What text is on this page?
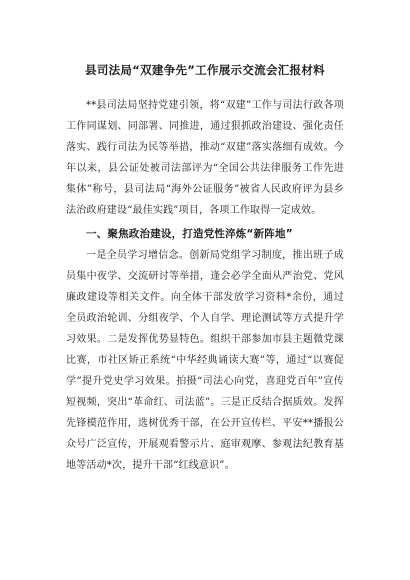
县司法局“双建争先”工作展示交流会汇报材料

**县司法局坚持党建引领，将“双建”工作与司法行政各项工作同谋划、同部署、同推进，通过狠抓政治建设、强化责任落实、践行司法为民等举措，推动“双建”落实落细有成效。今年以来，县公证处被司法部评为“全国公共法律服务工作先进集体”称号，县司法局“海外公证服务”被省人民政府评为县乡法治政府建设“最佳实践”项目，各项工作取得一定成效。

一、聚焦政治建设，打造党性淬炼“新阵地”

一是全员学习增信念。创新局党组学习制度，推出班子成员集中夜学、交流研讨等举措，逢会必学全面从严治党、党风廉政建设等相关文件。向全体干部发放学习资料*余份，通过全员政治轮训、分组夜学、个人自学、理论测试等方式提升学习效果。二是发挥优势显特色。组织干部参加市县主题微党课比赛，市社区矫正系统“中华经典诵读大赛”等，通过“以赛促学”提升党史学习效果。拍摄“司法心向党，喜迎党百年”宣传短视频，突出“革命红、司法蓝”。三是正反结合据质效。发挥先锋模范作用，选树优秀干部，在公开宣传栏、平安**播报公众号广泛宣传，开展观看警示片、庭审观摩、参观法纪教育基地等活动*次，提升干部“红线意识”。
